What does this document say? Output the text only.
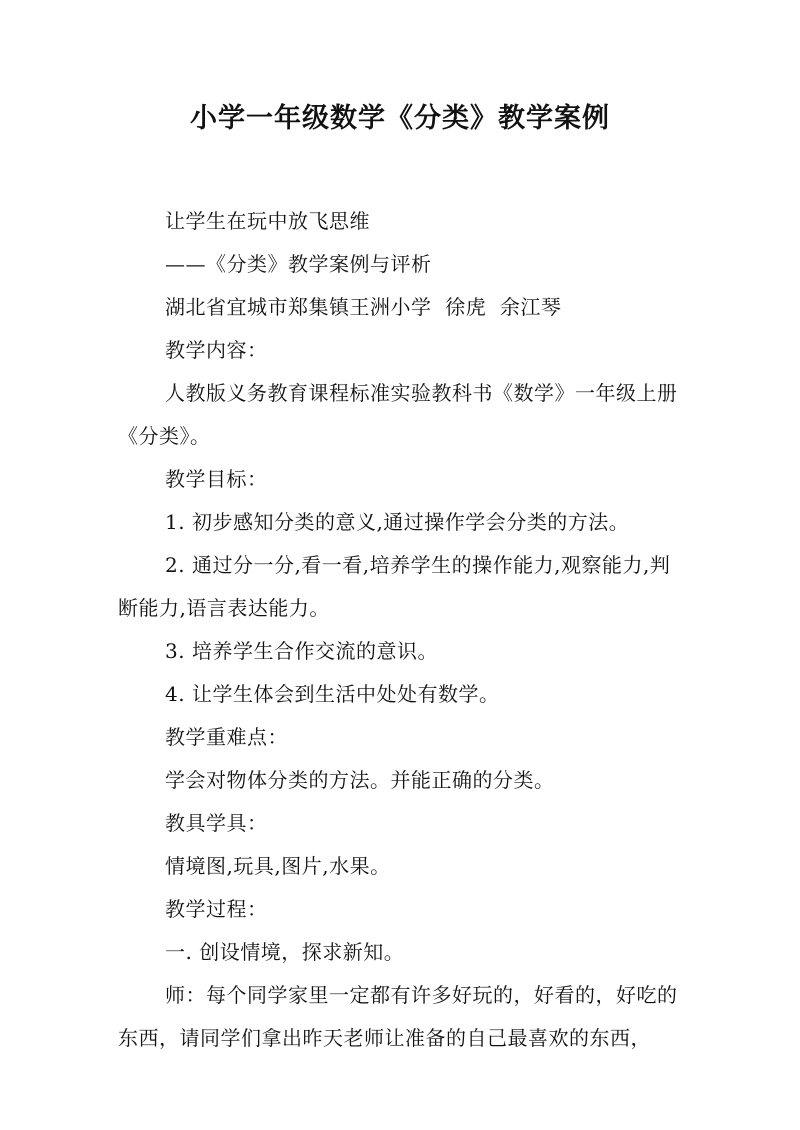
小学一年级数学《分类》教学案例

让学生在玩中放飞思维

——《分类》教学案例与评析

湖北省宜城市郑集镇王洲小学  徐虎  余江琴

教学内容：

人教版义务教育课程标准实验教科书《数学》一年级上册《分类》。

教学目标：

1. 初步感知分类的意义,通过操作学会分类的方法。

2. 通过分一分,看一看,培养学生的操作能力,观察能力,判断能力,语言表达能力。

3. 培养学生合作交流的意识。

4. 让学生体会到生活中处处有数学。

教学重难点：

学会对物体分类的方法。并能正确的分类。

教具学具：

情境图,玩具,图片,水果。

教学过程：

一. 创设情境，探求新知。

师：每个同学家里一定都有许多好玩的，好看的，好吃的东西，请同学们拿出昨天老师让准备的自己最喜欢的东西，
